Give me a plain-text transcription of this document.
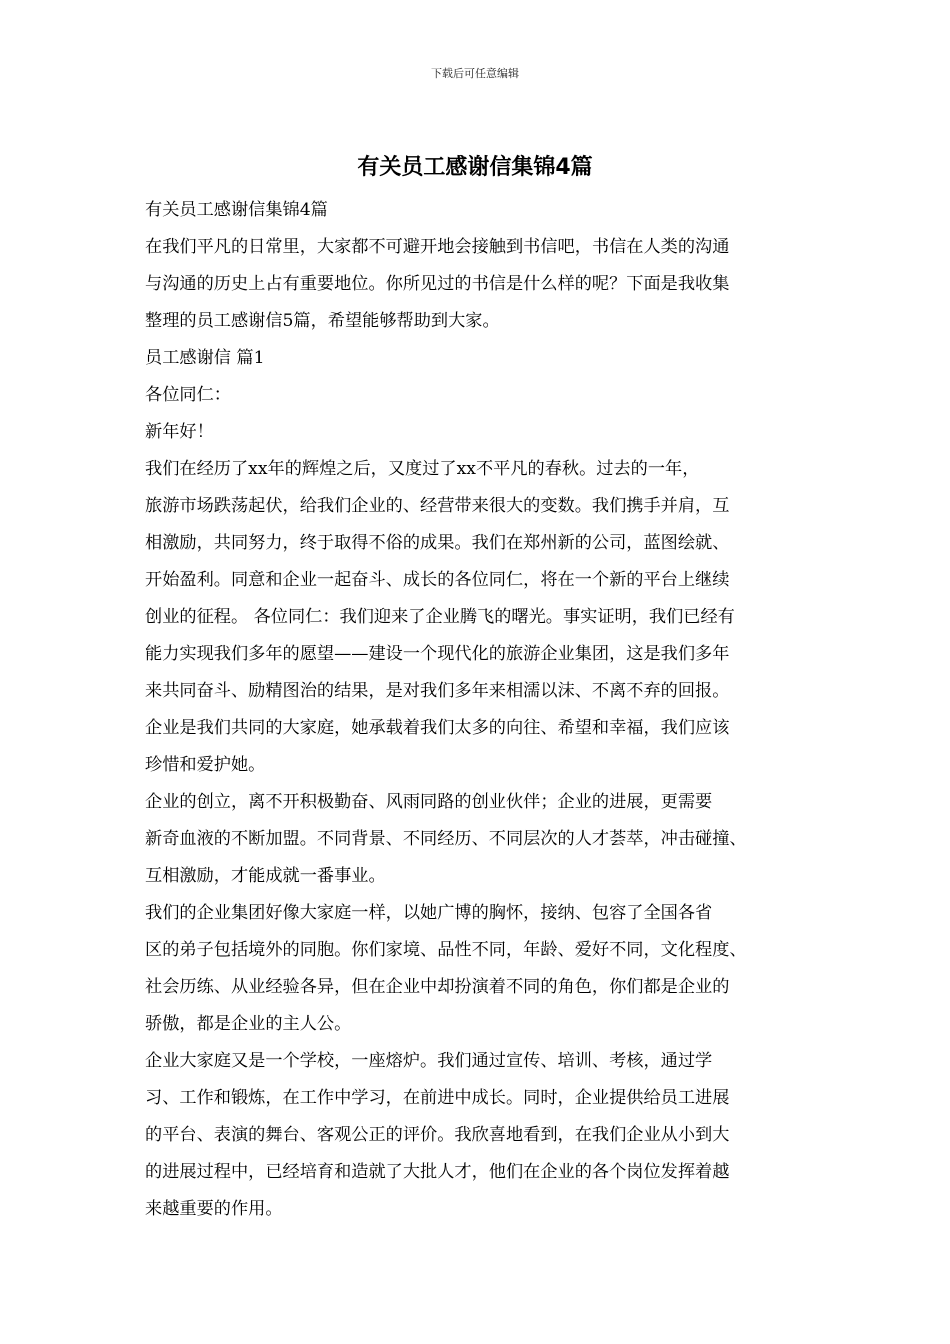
下载后可任意编辑
有关员工感谢信集锦4篇

有关员工感谢信集锦4篇

在我们平凡的日常里，大家都不可避开地会接触到书信吧，书信在人类的沟通

与沟通的历史上占有重要地位。你所见过的书信是什么样的呢？下面是我收集

整理的员工感谢信5篇，希望能够帮助到大家。

员工感谢信 篇1

各位同仁：

新年好！

我们在经历了xx年的辉煌之后，又度过了xx不平凡的春秋。过去的一年，

旅游市场跌荡起伏，给我们企业的、经营带来很大的变数。我们携手并肩，互

相激励，共同努力，终于取得不俗的成果。我们在郑州新的公司，蓝图绘就、

开始盈利。同意和企业一起奋斗、成长的各位同仁，将在一个新的平台上继续

创业的征程。 各位同仁：我们迎来了企业腾飞的曙光。事实证明，我们已经有

能力实现我们多年的愿望——建设一个现代化的旅游企业集团，这是我们多年

来共同奋斗、励精图治的结果，是对我们多年来相濡以沫、不离不弃的回报。

企业是我们共同的大家庭，她承载着我们太多的向往、希望和幸福，我们应该

珍惜和爱护她。

企业的创立，离不开积极勤奋、风雨同路的创业伙伴；企业的进展，更需要

新奇血液的不断加盟。不同背景、不同经历、不同层次的人才荟萃，冲击碰撞、

互相激励，才能成就一番事业。

我们的企业集团好像大家庭一样，以她广博的胸怀，接纳、包容了全国各省

区的弟子包括境外的同胞。你们家境、品性不同，年龄、爱好不同，文化程度、

社会历练、从业经验各异，但在企业中却扮演着不同的角色，你们都是企业的

骄傲，都是企业的主人公。

企业大家庭又是一个学校，一座熔炉。我们通过宣传、培训、考核，通过学

习、工作和锻炼，在工作中学习，在前进中成长。同时，企业提供给员工进展

的平台、表演的舞台、客观公正的评价。我欣喜地看到，在我们企业从小到大

的进展过程中，已经培育和造就了大批人才，他们在企业的各个岗位发挥着越

来越重要的作用。
